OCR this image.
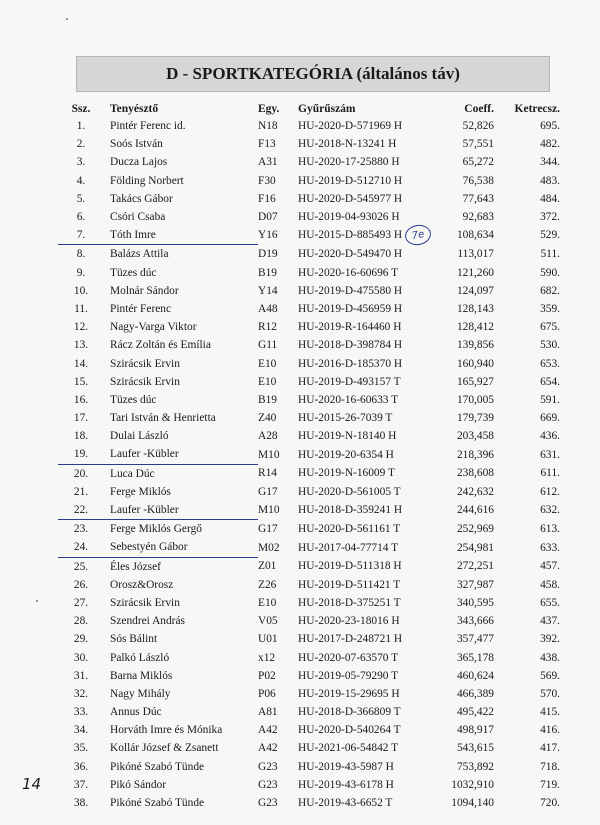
D - SPORTKATEGÓRIA (általános táv)
Ssz.	Tenyésztő	Egy.	Gyűrűszám	Coeff.	Ketrecsz.
1.	Pintér Ferenc id.	N18	HU-2020-D-571969 H	52,826	695.
2.	Soós István	F13	HU-2018-N-13241 H	57,551	482.
3.	Ducza Lajos	A31	HU-2020-17-25880 H	65,272	344.
4.	Földing Norbert	F30	HU-2019-D-512710 H	76,538	483.
5.	Takács Gábor	F16	HU-2020-D-545977 H	77,643	484.
6.	Csóri Csaba	D07	HU-2019-04-93026 H	92,683	372.
7.	Tóth Imre	Y16	HU-2015-D-885493 H	108,634	529.
8.	Balázs Attila	D19	HU-2020-D-549470 H	113,017	511.
9.	Tüzes dúc	B19	HU-2020-16-60696 T	121,260	590.
10.	Molnár Sándor	Y14	HU-2019-D-475580 H	124,097	682.
11.	Pintér Ferenc	A48	HU-2019-D-456959 H	128,143	359.
12.	Nagy-Varga Viktor	R12	HU-2019-R-164460 H	128,412	675.
13.	Rácz Zoltán és Emília	G11	HU-2018-D-398784 H	139,856	530.
14.	Szirácsik Ervin	E10	HU-2016-D-185370 H	160,940	653.
15.	Szirácsik Ervin	E10	HU-2019-D-493157 T	165,927	654.
16.	Tüzes dúc	B19	HU-2020-16-60633 T	170,005	591.
17.	Tari István & Henrietta	Z40	HU-2015-26-7039 T	179,739	669.
18.	Dulai László	A28	HU-2019-N-18140 H	203,458	436.
19.	Laufer -Kübler	M10	HU-2019-20-6354 H	218,396	631.
20.	Luca Dúc	R14	HU-2019-N-16009 T	238,608	611.
21.	Ferge Miklós	G17	HU-2020-D-561005 T	242,632	612.
22.	Laufer -Kübler	M10	HU-2018-D-359241 H	244,616	632.
23.	Ferge Miklós Gergő	G17	HU-2020-D-561161 T	252,969	613.
24.	Sebestyén Gábor	M02	HU-2017-04-77714 T	254,981	633.
25.	Éles József	Z01	HU-2019-D-511318 H	272,251	457.
26.	Orosz&Orosz	Z26	HU-2019-D-511421 T	327,987	458.
27.	Szirácsik Ervin	E10	HU-2018-D-375251 T	340,595	655.
28.	Szendrei András	V05	HU-2020-23-18016 H	343,666	437.
29.	Sós Bálint	U01	HU-2017-D-248721 H	357,477	392.
30.	Palkó László	x12	HU-2020-07-63570 T	365,178	438.
31.	Barna Miklós	P02	HU-2019-05-79290 T	460,624	569.
32.	Nagy Mihály	P06	HU-2019-15-29695 H	466,389	570.
33.	Annus Dúc	A81	HU-2018-D-366809 T	495,422	415.
34.	Horváth Imre és Mónika	A42	HU-2020-D-540264 T	498,917	416.
35.	Kollár József & Zsanett	A42	HU-2021-06-54842 T	543,615	417.
36.	Pikóné Szabó Tünde	G23	HU-2019-43-5987 H	753,892	718.
37.	Pikó Sándor	G23	HU-2019-43-6178 H	1032,910	719.
38.	Pikóné Szabó Tünde	G23	HU-2019-43-6652 T	1094,140	720.
7e
14
